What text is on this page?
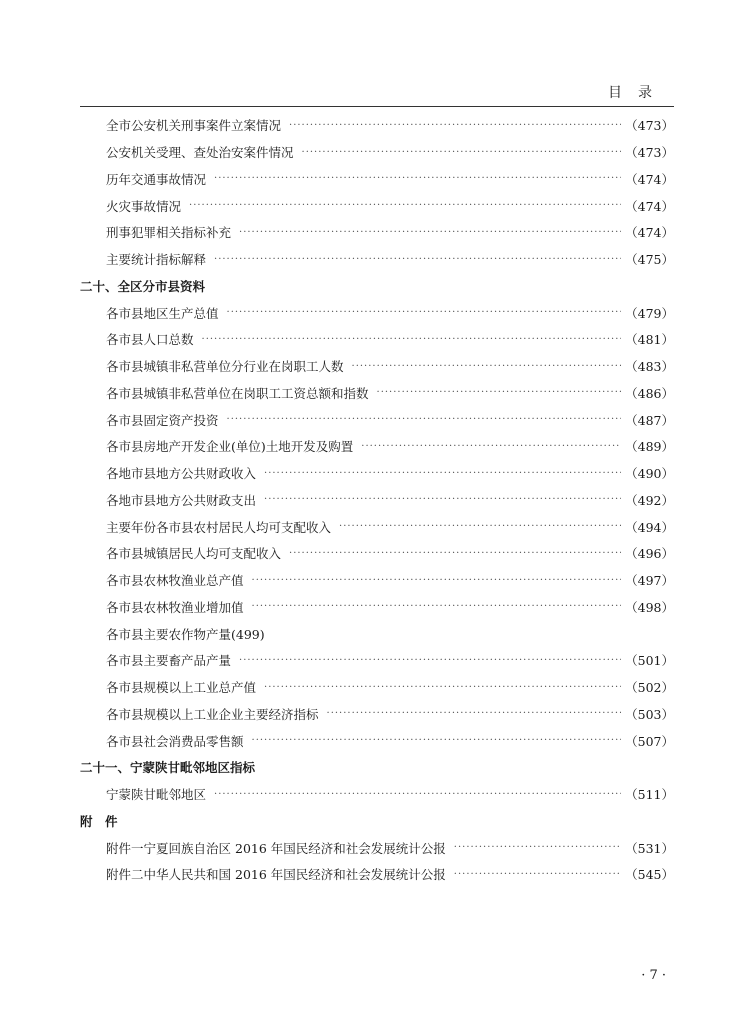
目录
全市公安机关刑事案件立案情况 ·····	（473）
公安机关受理、查处治安案件情况 ·····	（473）
历年交通事故情况 ·····	（474）
火灾事故情况 ·····	（474）
刑事犯罪相关指标补充 ·····	（474）
主要统计指标解释 ·····	（475）
二十、全区分市县资料
各市县地区生产总值 ·····	（479）
各市县人口总数 ·····	（481）
各市县城镇非私营单位分行业在岗职工人数 ·····	（483）
各市县城镇非私营单位在岗职工工资总额和指数 ·····	（486）
各市县固定资产投资 ·····	（487）
各市县房地产开发企业(单位)土地开发及购置 ·····	（489）
各地市县地方公共财政收入 ·····	（490）
各地市县地方公共财政支出 ·····	（492）
主要年份各市县农村居民人均可支配收入 ·····	（494）
各市县城镇居民人均可支配收入 ·····	（496）
各市县农林牧渔业总产值 ·····	（497）
各市县农林牧渔业增加值 ·····	（498）
各市县主要农作物产量(499)
各市县主要畜产品产量 ·····	（501）
各市县规模以上工业总产值 ·····	（502）
各市县规模以上工业企业主要经济指标 ·····	（503）
各市县社会消费品零售额 ·····	（507）
二十一、宁蒙陕甘毗邻地区指标
宁蒙陕甘毗邻地区 ·····	（511）
附　件
附件一 宁夏回族自治区 2016 年国民经济和社会发展统计公报 ·····	（531）
附件二 中华人民共和国 2016 年国民经济和社会发展统计公报 ·····	（545）
· 7 ·
